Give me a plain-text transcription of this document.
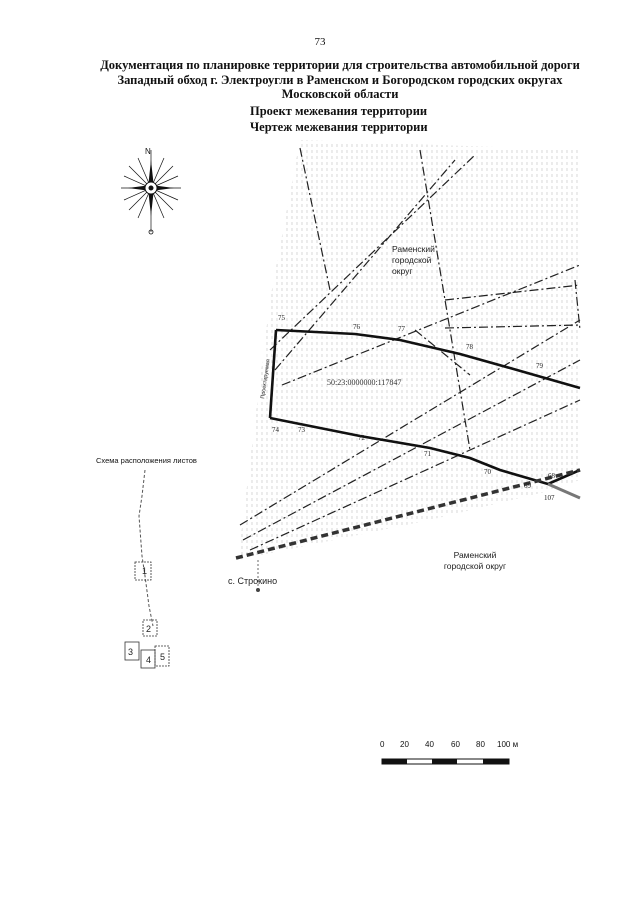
73
Документация по планировке территории для строительства автомобильной дороги
Западный обход г. Электроугли в Раменском и Богородском городских округах
Московской области
Проект межевания территории
Чертеж межевания территории
N
Раменский городской округ
Раменский городской округ
50:23:0000000:117847
с. Строкино
Проектируемая
75
76	77
78
79
74	73
72
71
70
69
68
107
Схема расположения листов
1
2
3
4 5
0 20 40 60 80 100 м
